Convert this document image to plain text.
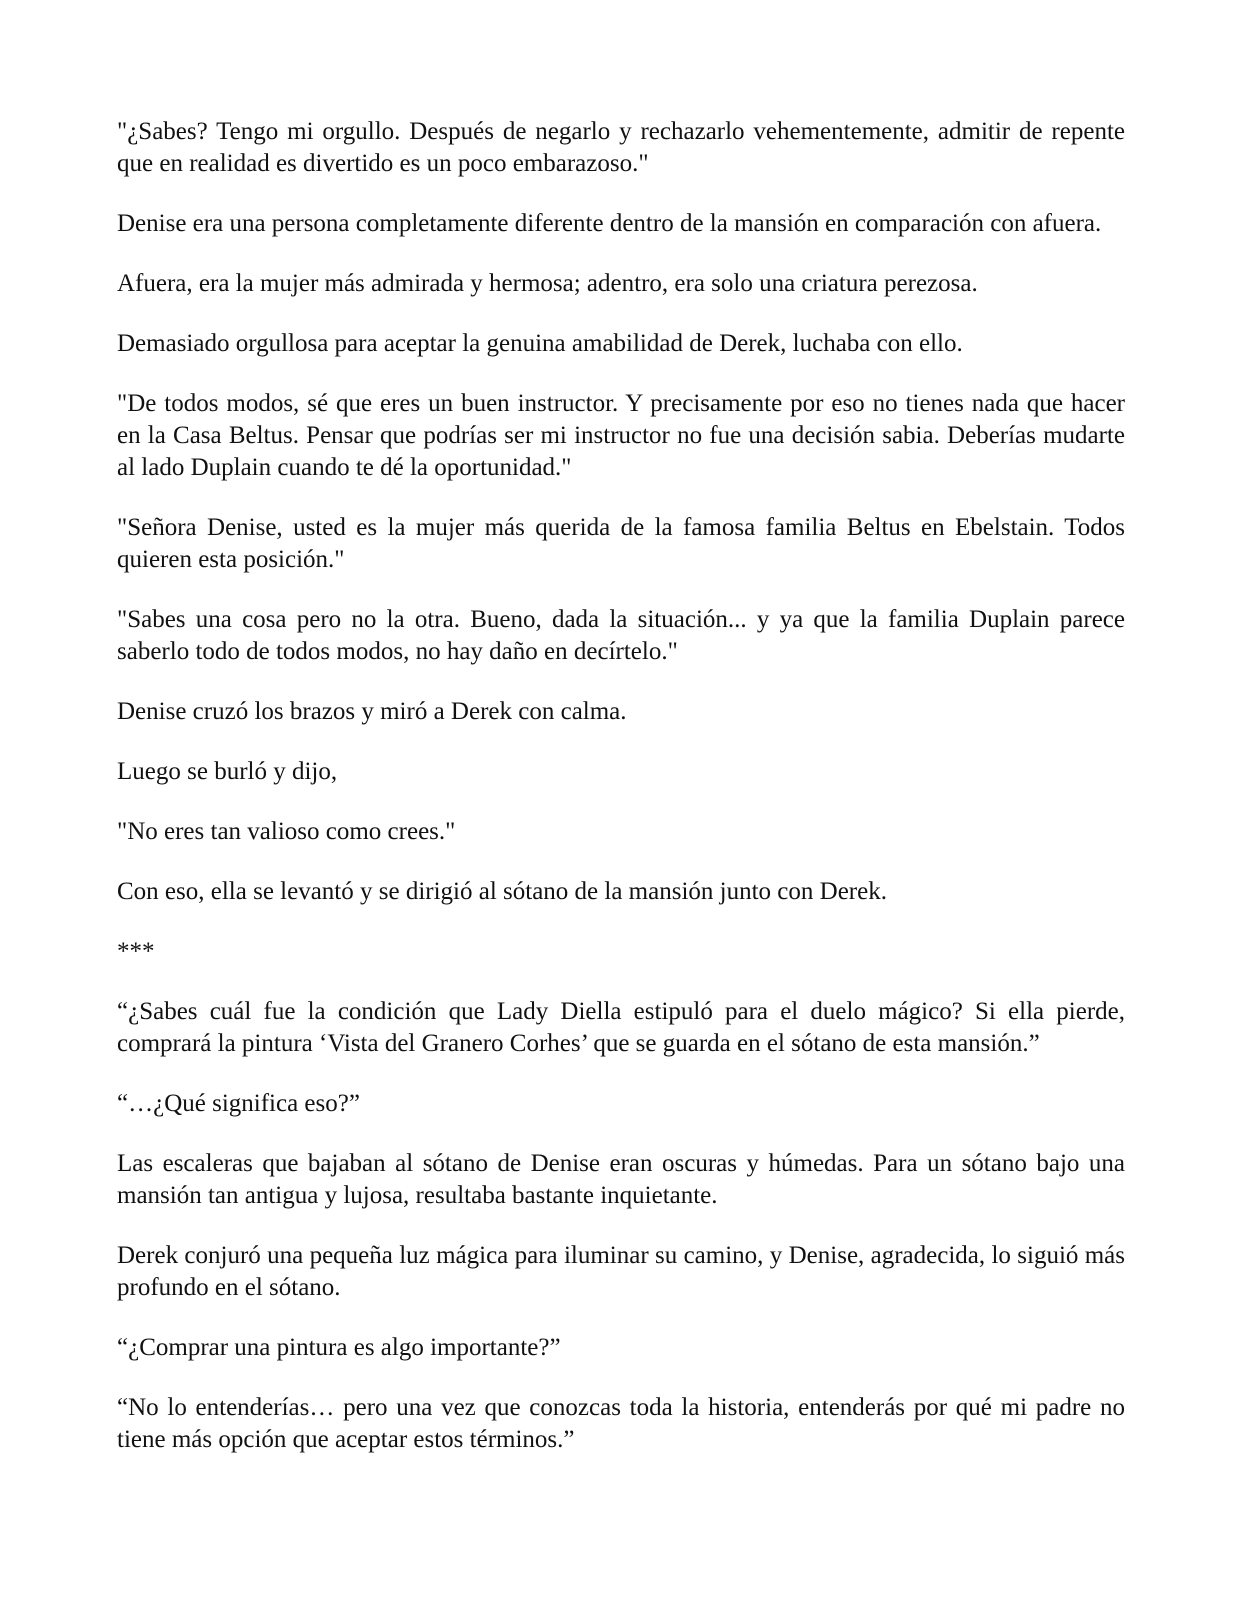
"¿Sabes? Tengo mi orgullo. Después de negarlo y rechazarlo vehementemente, admitir de repente que en realidad es divertido es un poco embarazoso."

Denise era una persona completamente diferente dentro de la mansión en comparación con afuera.

Afuera, era la mujer más admirada y hermosa; adentro, era solo una criatura perezosa.

Demasiado orgullosa para aceptar la genuina amabilidad de Derek, luchaba con ello.

"De todos modos, sé que eres un buen instructor. Y precisamente por eso no tienes nada que hacer en la Casa Beltus. Pensar que podrías ser mi instructor no fue una decisión sabia. Deberías mudarte al lado Duplain cuando te dé la oportunidad."

"Señora Denise, usted es la mujer más querida de la famosa familia Beltus en Ebelstain. Todos quieren esta posición."

"Sabes una cosa pero no la otra. Bueno, dada la situación... y ya que la familia Duplain parece saberlo todo de todos modos, no hay daño en decírtelo."

Denise cruzó los brazos y miró a Derek con calma.

Luego se burló y dijo,

"No eres tan valioso como crees."

Con eso, ella se levantó y se dirigió al sótano de la mansión junto con Derek.

***

“¿Sabes cuál fue la condición que Lady Diella estipuló para el duelo mágico? Si ella pierde, comprará la pintura ‘Vista del Granero Corhes’ que se guarda en el sótano de esta mansión.”

“…¿Qué significa eso?”

Las escaleras que bajaban al sótano de Denise eran oscuras y húmedas. Para un sótano bajo una mansión tan antigua y lujosa, resultaba bastante inquietante.

Derek conjuró una pequeña luz mágica para iluminar su camino, y Denise, agradecida, lo siguió más profundo en el sótano.

“¿Comprar una pintura es algo importante?”

“No lo entenderías… pero una vez que conozcas toda la historia, entenderás por qué mi padre no tiene más opción que aceptar estos términos.”
